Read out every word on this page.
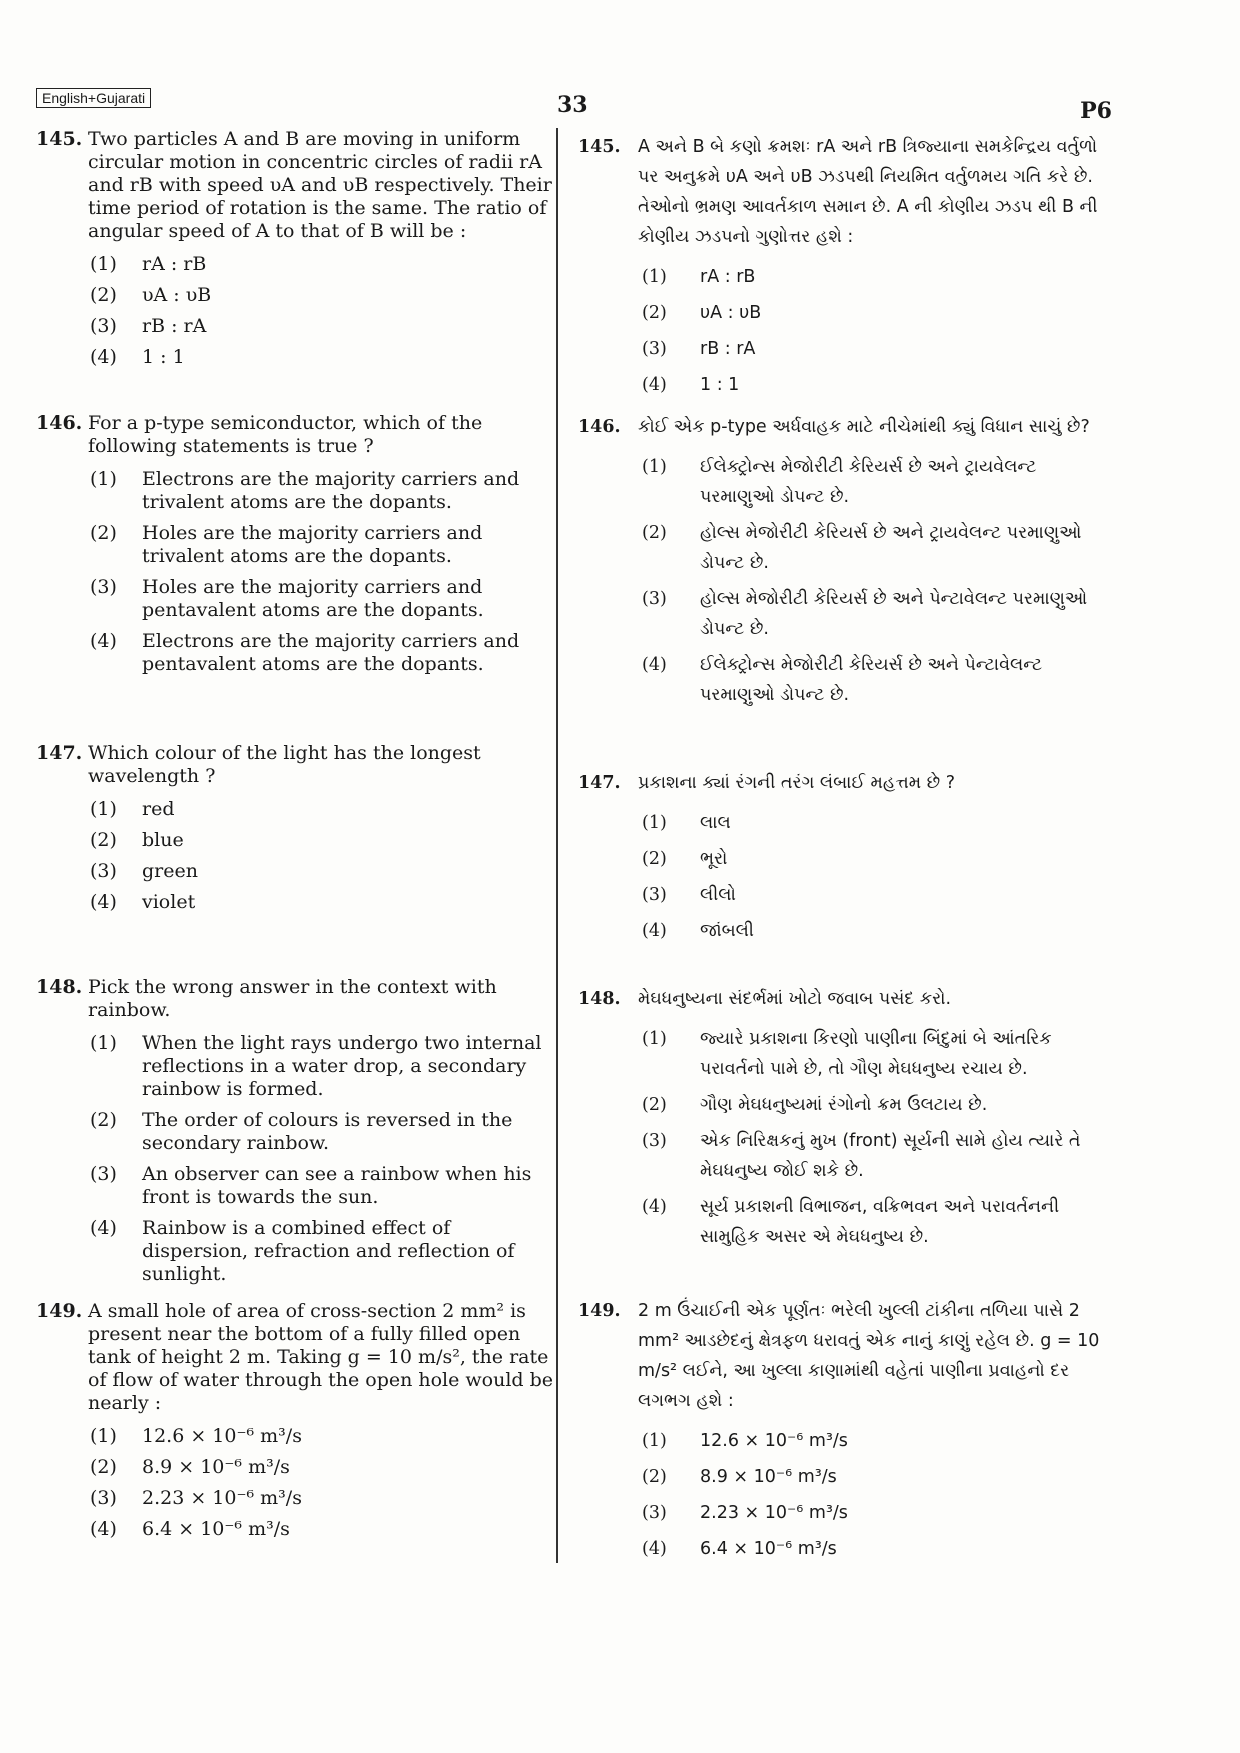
English+Gujarati	33	P6
145. Two particles A and B are moving in uniform circular motion in concentric circles of radii rA and rB with speed υA and υB respectively. Their time period of rotation is the same. The ratio of angular speed of A to that of B will be :
(1)	rA : rB
(2)	υA : υB
(3)	rB : rA
(4)	1 : 1
146. For a p-type semiconductor, which of the following statements is true ?
(1)	Electrons are the majority carriers and trivalent atoms are the dopants.
(2)	Holes are the majority carriers and trivalent atoms are the dopants.
(3)	Holes are the majority carriers and pentavalent atoms are the dopants.
(4)	Electrons are the majority carriers and pentavalent atoms are the dopants.
147. Which colour of the light has the longest wavelength ?
(1)	red
(2)	blue
(3)	green
(4)	violet
148. Pick the wrong answer in the context with rainbow.
(1)	When the light rays undergo two internal reflections in a water drop, a secondary rainbow is formed.
(2)	The order of colours is reversed in the secondary rainbow.
(3)	An observer can see a rainbow when his front is towards the sun.
(4)	Rainbow is a combined effect of dispersion, refraction and reflection of sunlight.
149. A small hole of area of cross-section 2 mm² is present near the bottom of a fully filled open tank of height 2 m. Taking g = 10 m/s², the rate of flow of water through the open hole would be nearly :
(1)	12.6 × 10⁻⁶ m³/s
(2)	8.9 × 10⁻⁶ m³/s
(3)	2.23 × 10⁻⁶ m³/s
(4)	6.4 × 10⁻⁶ m³/s
145. A અને B બે કણો ક્રમશઃ rA અને rB ત્રિજ્યાના સમકેન્દ્રિય વર્તુળો પર અનુક્રમે υA અને υB ઝડપથી નિયમિત વર્તુળમય ગતિ કરે છે. તેઓનો ભ્રમણ આવર્તકાળ સમાન છે. A ની કોણીય ઝડપ થી B ની કોણીય ઝડપનો ગુણોત્તર હશે :
(1)	rA : rB
(2)	υA : υB
(3)	rB : rA
(4)	1 : 1
146. કોઈ એક p-type અર્ધવાહક માટે નીચેમાંથી ક્યું વિધાન સાચું છે?
(1)	ઈલેક્ટ્રોન્સ મેજોરીટી કેરિયર્સ છે અને ટ્રાયવેલન્ટ પરમાણુઓ ડોપન્ટ છે.
(2)	હોલ્સ મેજોરીટી કેરિયર્સ છે અને ટ્રાયવેલન્ટ પરમાણુઓ ડોપન્ટ છે.
(3)	હોલ્સ મેજોરીટી કેરિયર્સ છે અને પેન્ટાવેલન્ટ પરમાણુઓ ડોપન્ટ છે.
(4)	ઈલેક્ટ્રોન્સ મેજોરીટી કેરિયર્સ છે અને પેન્ટાવેલન્ટ પરમાણુઓ ડોપન્ટ છે.
147. પ્રકાશના ક્યાં રંગની તરંગ લંબાઈ મહત્તમ છે ?
(1)	લાલ
(2)	ભૂરો
(3)	લીલો
(4)	જાંબલી
148. મેઘધનુષ્યના સંદર્ભમાં ખોટો જવાબ પસંદ કરો.
(1)	જ્યારે પ્રકાશના કિરણો પાણીના બિંદુમાં બે આંતરિક પરાવર્તનો પામે છે, તો ગૌણ મેઘધનુષ્ય રચાય છે.
(2)	ગૌણ મેઘધનુષ્યમાં રંગોનો ક્રમ ઉલટાય છે.
(3)	એક નિરિક્ષકનું મુખ (front) સૂર્યની સામે હોય ત્યારે તે મેઘધનુષ્ય જોઈ શકે છે.
(4)	સૂર્ય પ્રકાશની વિભાજન, વક્રિભવન અને પરાવર્તનની સામુહિક અસર એ મેઘધનુષ્ય છે.
149. 2 m ઉંચાઈની એક પૂર્ણતઃ ભરેલી ખુલ્લી ટાંકીના તળિયા પાસે 2 mm² આડછેદનું ક્ષેત્રફળ ધરાવતું એક નાનું કાણું રહેલ છે. g = 10 m/s² લઈને, આ ખુલ્લા કાણામાંથી વહેતાં પાણીના પ્રવાહનો દર લગભગ હશે :
(1)	12.6 × 10⁻⁶ m³/s
(2)	8.9 × 10⁻⁶ m³/s
(3)	2.23 × 10⁻⁶ m³/s
(4)	6.4 × 10⁻⁶ m³/s
